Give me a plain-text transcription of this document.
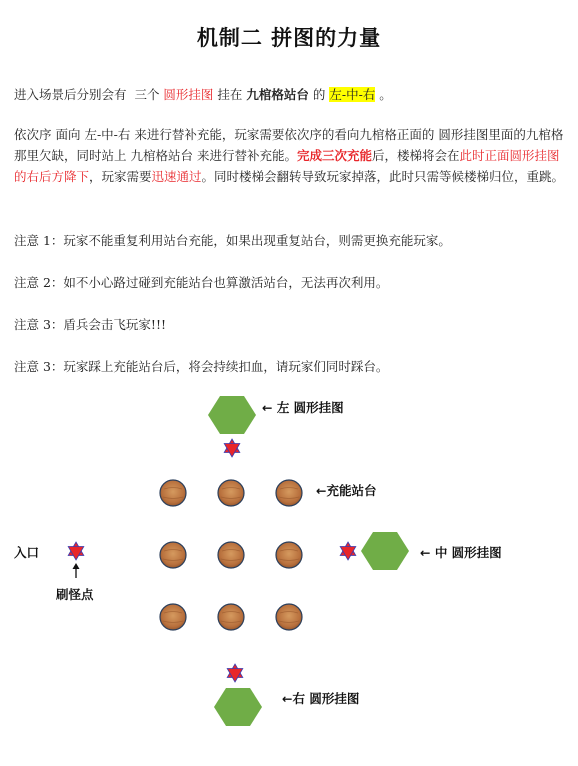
机制二 拼图的力量
进入场景后分别会有  三个 圆形挂图 挂在 九棺格站台 的 左-中-右 。
依次序 面向 左-中-右 来进行替补充能，玩家需要依次序的看向九棺格正面的 圆形挂图里面的九棺格那里欠缺，同时站上 九棺格站台 来进行替补充能。完成三次充能后，楼梯将会在此时正面圆形挂图的右后方降下，玩家需要迅速通过。同时楼梯会翻转导致玩家掉落，此时只需等候楼梯归位，重跳。
注意 1：玩家不能重复利用站台充能，如果出现重复站台，则需更换充能玩家。
注意 2：如不小心路过碰到充能站台也算激活站台，无法再次利用。
注意 3：盾兵会击飞玩家!!!
注意 3：玩家踩上充能站台后，将会持续扣血，请玩家们同时踩台。
← 左 圆形挂图
←充能站台
← 中 圆形挂图
←右 圆形挂图
入口
刷怪点
